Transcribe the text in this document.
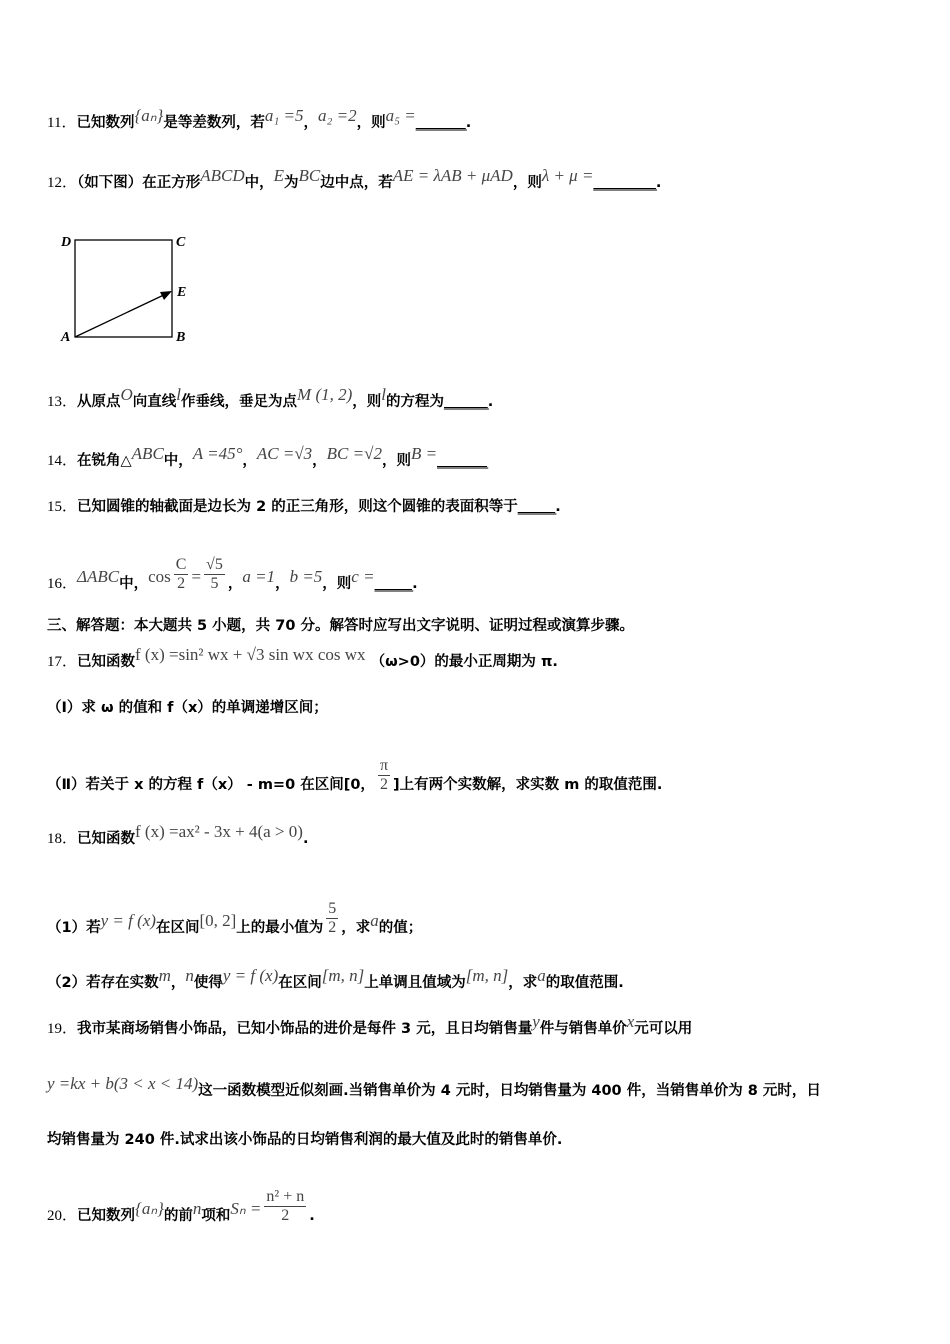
11．已知数列{aₙ}是等差数列，若a₁ =5，a₂ =2，则a₅ =________.
12．（如下图）在正方形ABCD中，E为BC边中点，若AE = λAB + μAD，则λ + μ =__________.
D	C
E
A	B
13．从原点O向直线l作垂线，垂足为点M (1, 2)，则l的方程为_______.
14．在锐角△ABC中，A =45°，AC =√3，BC =√2，则B =________
15．已知圆锥的轴截面是边长为 2 的正三角形，则这个圆锥的表面积等于______.
16．ΔABC中，$\cos \frac{C}{2} = \frac{√5}{5}$ ，a =1，b =5，则c =______.
三、解答题：本大题共 5 小题，共 70 分。解答时应写出文字说明、证明过程或演算步骤。
17．已知函数f (x) =sin² wx + √3 sin wx cos wx （ω>0）的最小正周期为 π.
（Ⅰ）求 ω 的值和 f（x）的单调递增区间；
（Ⅱ）若关于 x 的方程 f（x） - m=0 在区间[0， $\frac{\pi}{2}$ ]上有两个实数解，求实数 m 的取值范围.
18．已知函数f (x) =ax² - 3x + 4(a > 0).
（1）若y = f (x)在区间[0, 2]上的最小值为 $\frac{5}{2}$ ，求a的值；
（2）若存在实数m，n使得y = f (x)在区间[m, n]上单调且值域为[m, n]，求a的取值范围.
19．我市某商场销售小饰品，已知小饰品的进价是每件 3 元，且日均销售量y件与销售单价x元可以用
y =kx + b(3 < x < 14)这一函数模型近似刻画.当销售单价为 4 元时，日均销售量为 400 件，当销售单价为 8 元时，日
均销售量为 240 件.试求出该小饰品的日均销售利润的最大值及此时的销售单价.
20．已知数列{aₙ}的前n项和$S_n = \frac{\text{n² + n}}{2}$ .
